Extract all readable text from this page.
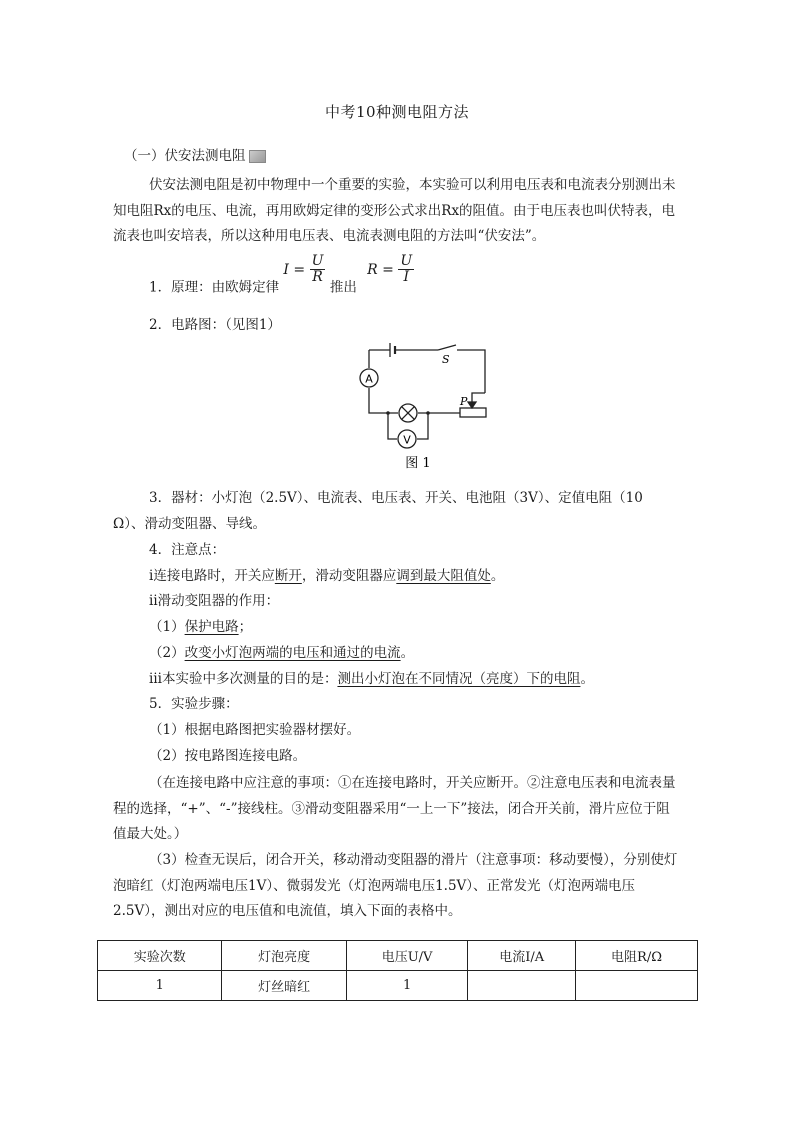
中考10种测电阻方法
（一）伏安法测电阻
伏安法测电阻是初中物理中一个重要的实验，本实验可以利用电压表和电流表分别测出未知电阻Rx的电压、电流，再用欧姆定律的变形公式求出Rx的阻值。由于电压表也叫伏特表，电流表也叫安培表，所以这种用电压表、电流表测电阻的方法叫“伏安法”。
1．原理：由欧姆定律 $I = \frac{U}{R}$
推出 $R = \frac{U}{I}$
2．电路图：（见图1）
A
V
S
P
图 1
3．器材：小灯泡（2.5V）、电流表、电压表、开关、电池阻（3V）、定值电阻（10
Ω）、滑动变阻器、导线。
4．注意点：
ⅰ连接电路时，开关应断开，滑动变阻器应调到最大阻值处。
ⅱ滑动变阻器的作用：
（1）保护电路；
（2）改变小灯泡两端的电压和通过的电流。
ⅲ本实验中多次测量的目的是：测出小灯泡在不同情况（亮度）下的电阻。
5．实验步骤：
（1）根据电路图把实验器材摆好。
（2）按电路图连接电路。
（在连接电路中应注意的事项：①在连接电路时，开关应断开。②注意电压表和电流表量程的选择，“+”、“-”接线柱。③滑动变阻器采用“一上一下”接法，闭合开关前，滑片应位于阻值最大处。）
（3）检查无误后，闭合开关，移动滑动变阻器的滑片（注意事项：移动要慢），分别使灯泡暗红（灯泡两端电压1V）、微弱发光（灯泡两端电压1.5V）、正常发光（灯泡两端电压2.5V），测出对应的电压值和电流值，填入下面的表格中。
实验次数	灯泡亮度	电压U/V	电流I/A	电阻R/Ω
1	灯丝暗红	1		
